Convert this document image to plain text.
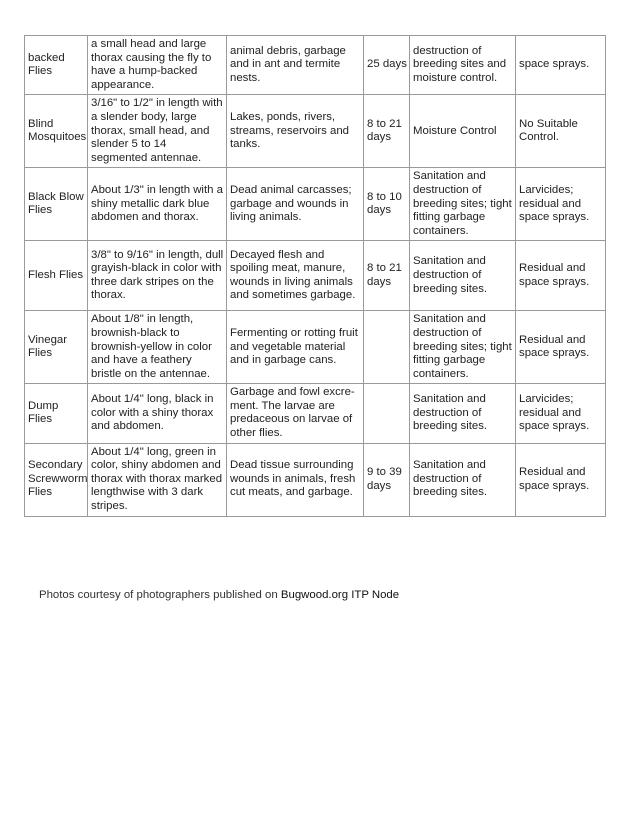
backed Flies	a small head and large thorax causing the fly to have a hump-backed appearance.	animal debris, garbage and in ant and termite nests.	25 days	destruction of breeding sites and moisture control.	space sprays.
Blind Mosquitoes	3/16" to 1/2" in length with a slender body, large thorax, small head, and slender 5 to 14 segmented antennae.	Lakes, ponds, rivers, streams, reservoirs and tanks.	8 to 21 days	Moisture Control	No Suitable Control.
Black Blow Flies	About 1/3" in length with a shiny metallic dark blue abdomen and thorax.	Dead animal carcasses; garbage and wounds in living animals.	8 to 10 days	Sanitation and destruction of breeding sites; tight fitting garbage containers.	Larvicides; residual and space sprays.
Flesh Flies	3/8" to 9/16" in length, dull grayish-black in color with three dark stripes on the thorax.	Decayed flesh and spoiling meat, manure, wounds in living animals and sometimes garbage.	8 to 21 days	Sanitation and destruction of breeding sites.	Residual and space sprays.
Vinegar Flies	About 1/8" in length, brownish-black to brownish-yellow in color and have a feathery bristle on the antennae.	Fermenting or rotting fruit and vegetable material and in garbage cans.		Sanitation and destruction of breeding sites; tight fitting garbage containers.	Residual and space sprays.
Dump Flies	About 1/4" long, black in color with a shiny thorax and abdomen.	Garbage and fowl excre-ment. The larvae are predaceous on larvae of other flies.		Sanitation and destruction of breeding sites.	Larvicides; residual and space sprays.
Secondary Screwworm Flies	About 1/4" long, green in color, shiny abdomen and thorax with thorax marked lengthwise with 3 dark stripes.	Dead tissue surrounding wounds in animals, fresh cut meats, and garbage.	9 to 39 days	Sanitation and destruction of breeding sites.	Residual and space sprays.
Photos courtesy of photographers published on Bugwood.org ITP Node
